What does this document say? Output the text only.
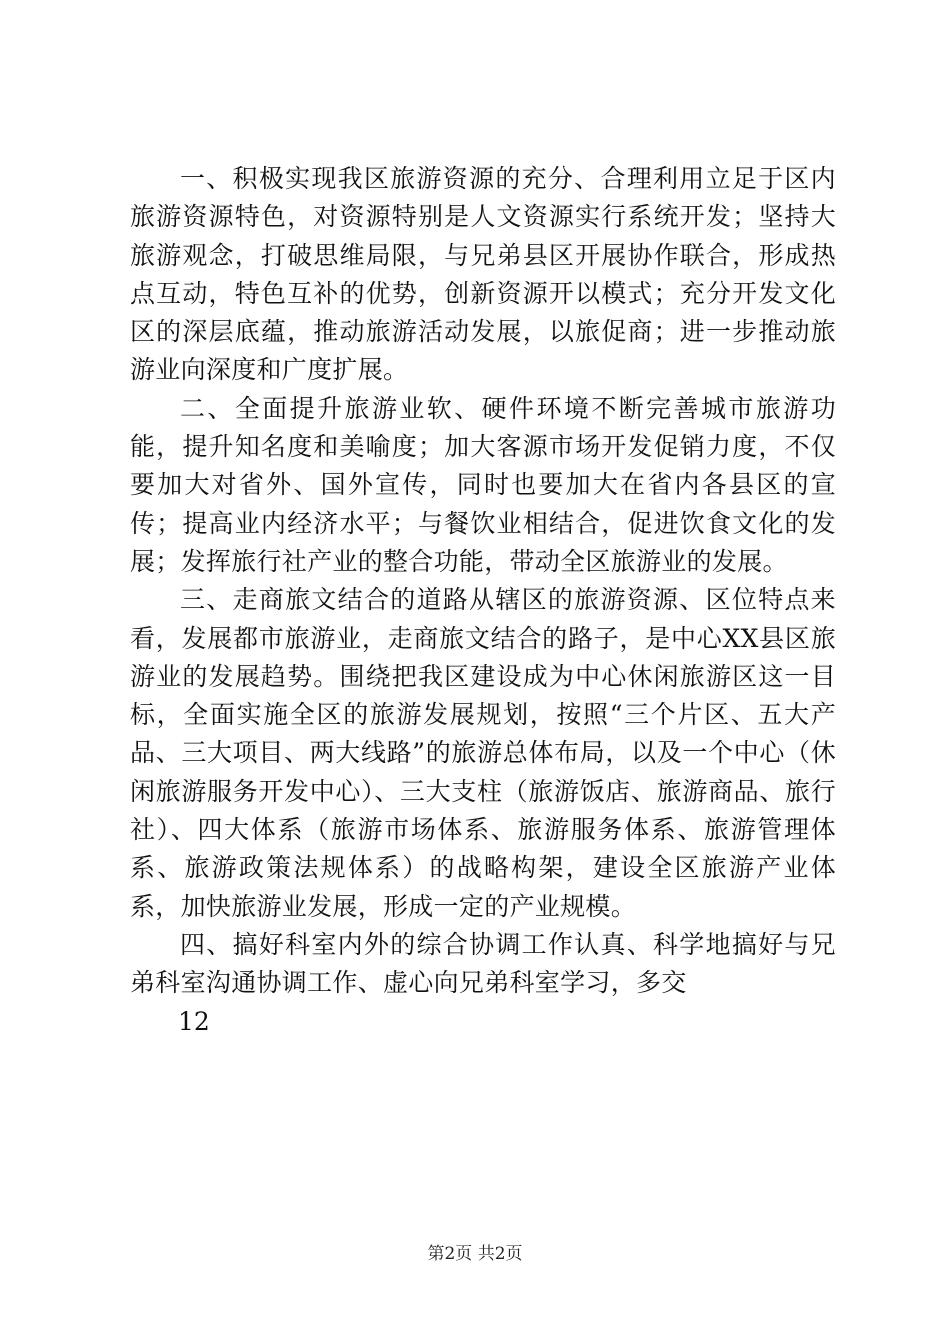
一、积极实现我区旅游资源的充分、合理利用立足于区内旅游资源特色，对资源特别是人文资源实行系统开发；坚持大旅游观念，打破思维局限，与兄弟县区开展协作联合，形成热点互动，特色互补的优势，创新资源开以模式；充分开发文化区的深层底蕴，推动旅游活动发展，以旅促商；进一步推动旅游业向深度和广度扩展。

二、全面提升旅游业软、硬件环境不断完善城市旅游功能，提升知名度和美喻度；加大客源市场开发促销力度，不仅要加大对省外、国外宣传，同时也要加大在省内各县区的宣传；提高业内经济水平；与餐饮业相结合，促进饮食文化的发展；发挥旅行社产业的整合功能，带动全区旅游业的发展。

三、走商旅文结合的道路从辖区的旅游资源、区位特点来看，发展都市旅游业，走商旅文结合的路子，是中心XX县区旅游业的发展趋势。围绕把我区建设成为中心休闲旅游区这一目标，全面实施全区的旅游发展规划，按照“三个片区、五大产品、三大项目、两大线路”的旅游总体布局，以及一个中心（休闲旅游服务开发中心）、三大支柱（旅游饭店、旅游商品、旅行社）、四大体系（旅游市场体系、旅游服务体系、旅游管理体系、旅游政策法规体系）的战略构架，建设全区旅游产业体系，加快旅游业发展，形成一定的产业规模。

四、搞好科室内外的综合协调工作认真、科学地搞好与兄弟科室沟通协调工作、虚心向兄弟科室学习，多交

12

第2页 共2页
